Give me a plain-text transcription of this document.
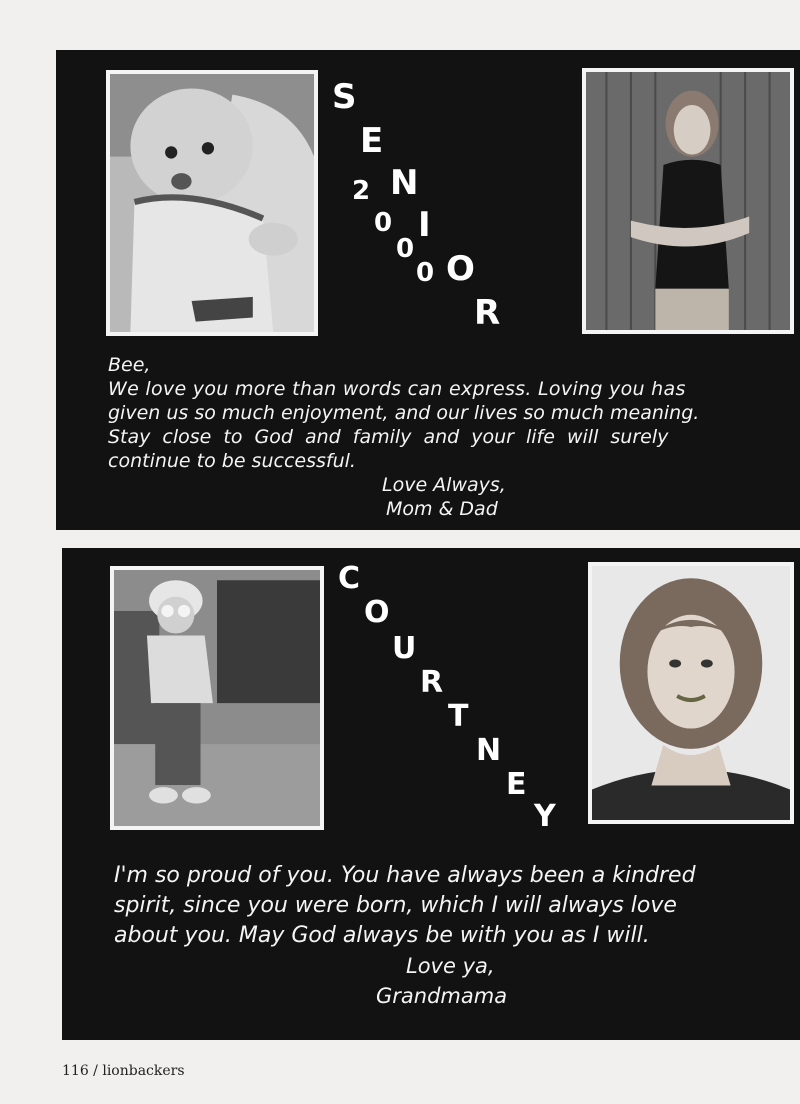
S
E
N
I
O
R
2
0
0
0
Bee,
We love you more than words can express. Loving you has
given us so much enjoyment, and our lives so much meaning.
Stay close to God and family and your life will surely
continue to be successful.
Love Always,
Mom & Dad
C
O
U
R
T
N
E
Y
I'm so proud of you. You have always been a kindred
spirit, since you were born, which I will always love
about you. May God always be with you as I will.
Love ya,
Grandmama
116 / lionbackers
